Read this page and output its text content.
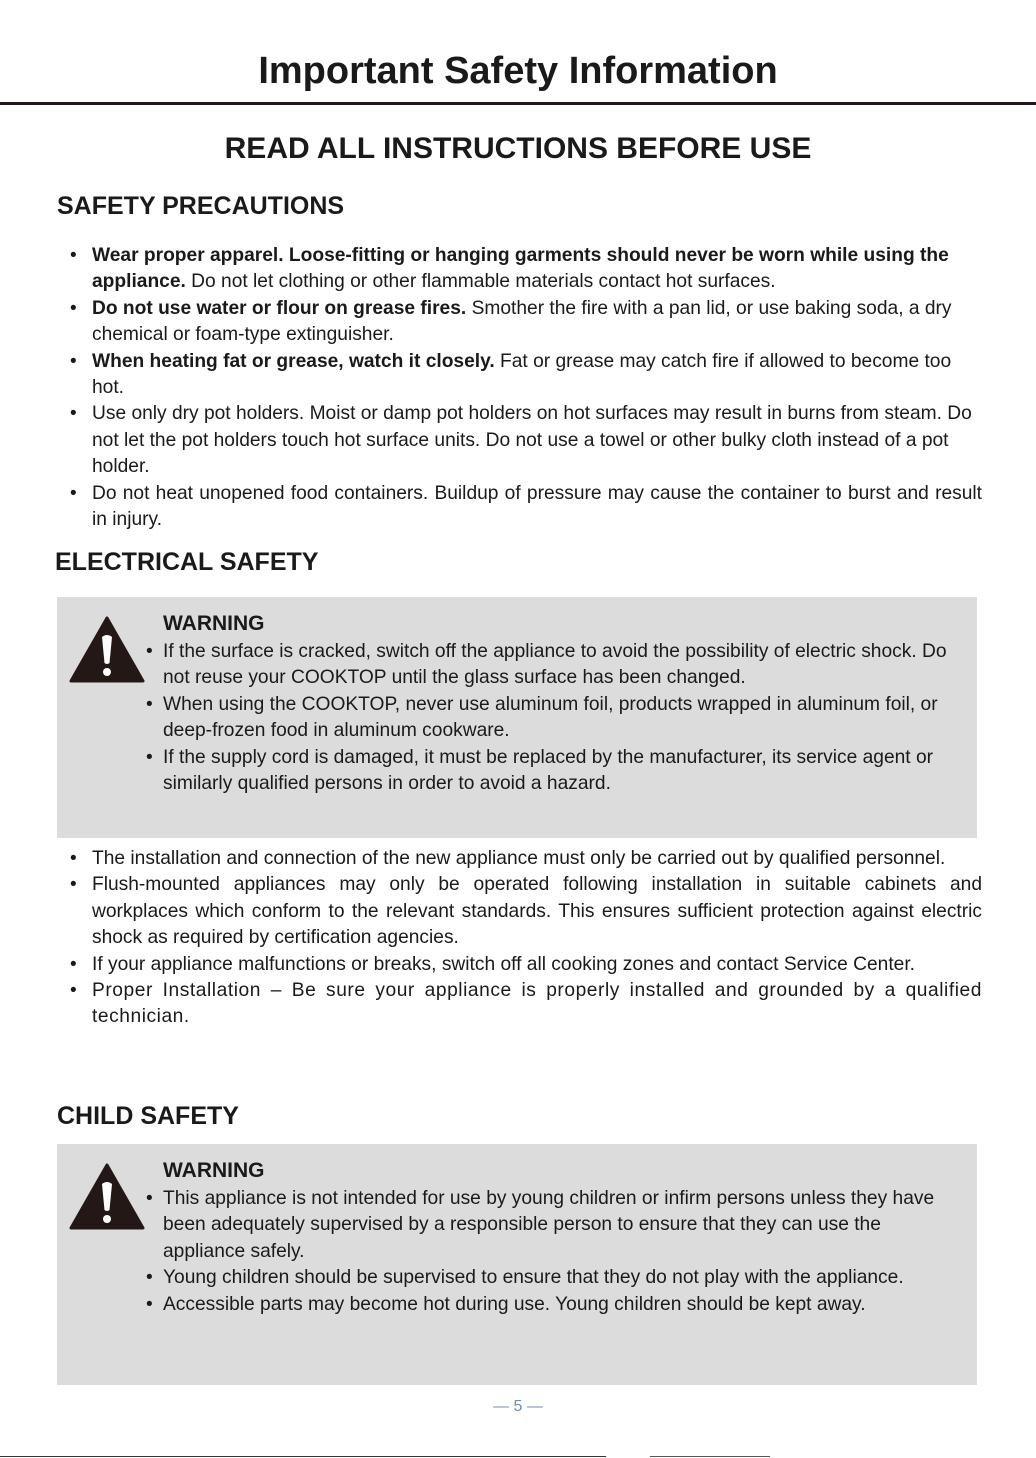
Important Safety Information
READ ALL INSTRUCTIONS BEFORE USE
SAFETY PRECAUTIONS
• Wear proper apparel. Loose-fitting or hanging garments should never be worn while using the appliance. Do not let clothing or other flammable materials contact hot surfaces.
• Do not use water or flour on grease fires. Smother the fire with a pan lid, or use baking soda, a dry chemical or foam-type extinguisher.
• When heating fat or grease, watch it closely. Fat or grease may catch fire if allowed to become too hot.
• Use only dry pot holders. Moist or damp pot holders on hot surfaces may result in burns from steam. Do not let the pot holders touch hot surface units. Do not use a towel or other bulky cloth instead of a pot holder.
• Do not heat unopened food containers. Buildup of pressure may cause the container to burst and result in injury.
ELECTRICAL SAFETY
WARNING
• If the surface is cracked, switch off the appliance to avoid the possibility of electric shock. Do not reuse your COOKTOP until the glass surface has been changed.
• When using the COOKTOP, never use aluminum foil, products wrapped in aluminum foil, or deep-frozen food in aluminum cookware.
• If the supply cord is damaged, it must be replaced by the manufacturer, its service agent or similarly qualified persons in order to avoid a hazard.
• The installation and connection of the new appliance must only be carried out by qualified personnel.
• Flush-mounted appliances may only be operated following installation in suitable cabinets and workplaces which conform to the relevant standards. This ensures sufficient protection against electric shock as required by certification agencies.
• If your appliance malfunctions or breaks, switch off all cooking zones and contact Service Center.
• Proper Installation – Be sure your appliance is properly installed and grounded by a qualified technician.
CHILD SAFETY
WARNING
• This appliance is not intended for use by young children or infirm persons unless they have been adequately supervised by a responsible person to ensure that they can use the appliance safely.
• Young children should be supervised to ensure that they do not play with the appliance.
• Accessible parts may become hot during use. Young children should be kept away.
— 5 —
